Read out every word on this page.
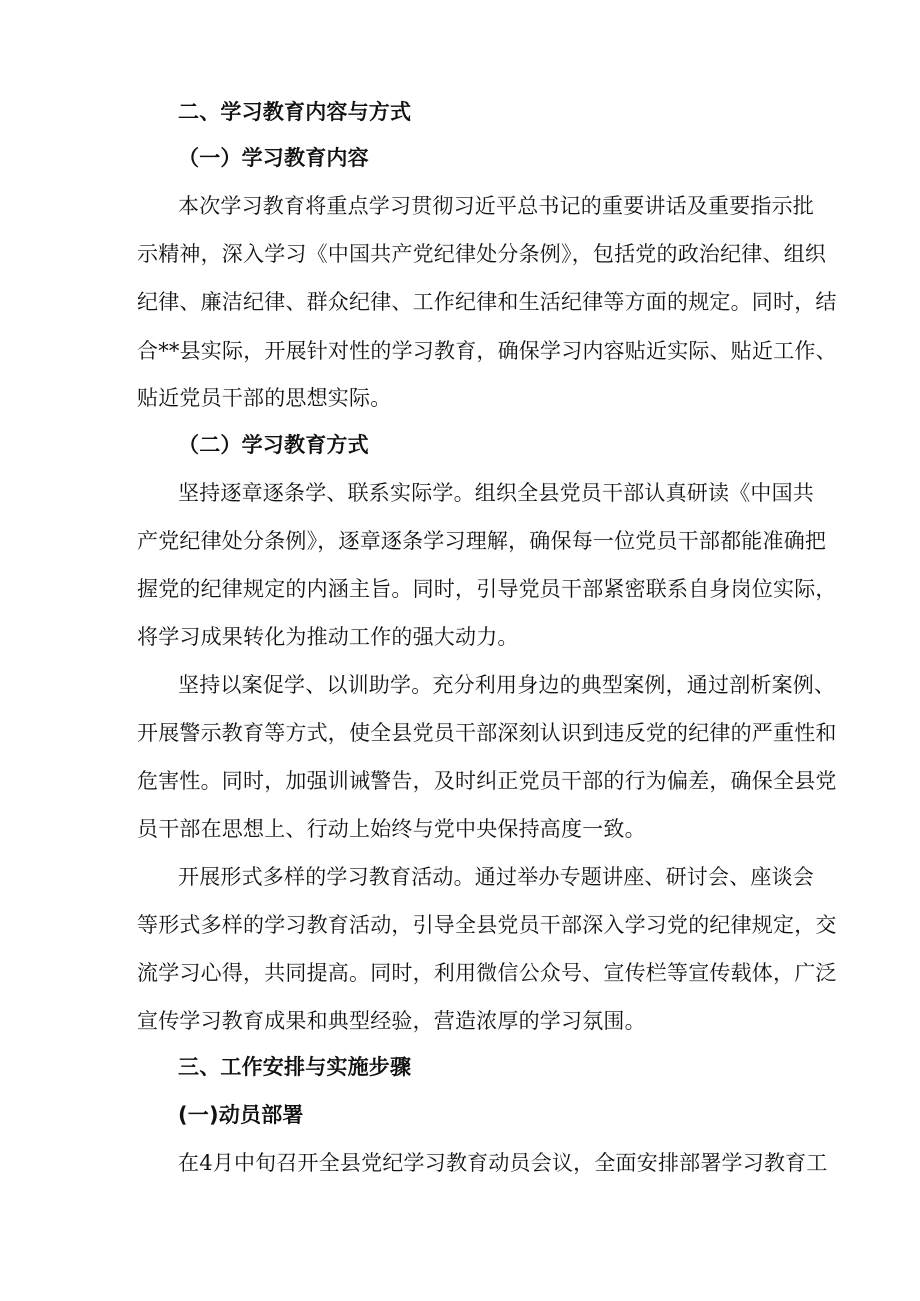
二、学习教育内容与方式
（一）学习教育内容
本次学习教育将重点学习贯彻习近平总书记的重要讲话及重要指示批
示精神，深入学习《中国共产党纪律处分条例》，包括党的政治纪律、组织
纪律、廉洁纪律、群众纪律、工作纪律和生活纪律等方面的规定。同时，结
合**县实际，开展针对性的学习教育，确保学习内容贴近实际、贴近工作、
贴近党员干部的思想实际。
（二）学习教育方式
坚持逐章逐条学、联系实际学。组织全县党员干部认真研读《中国共
产党纪律处分条例》，逐章逐条学习理解，确保每一位党员干部都能准确把
握党的纪律规定的内涵主旨。同时，引导党员干部紧密联系自身岗位实际，
将学习成果转化为推动工作的强大动力。
坚持以案促学、以训助学。充分利用身边的典型案例，通过剖析案例、
开展警示教育等方式，使全县党员干部深刻认识到违反党的纪律的严重性和
危害性。同时，加强训诫警告，及时纠正党员干部的行为偏差，确保全县党
员干部在思想上、行动上始终与党中央保持高度一致。
开展形式多样的学习教育活动。通过举办专题讲座、研讨会、座谈会
等形式多样的学习教育活动，引导全县党员干部深入学习党的纪律规定，交
流学习心得，共同提高。同时，利用微信公众号、宣传栏等宣传载体，广泛
宣传学习教育成果和典型经验，营造浓厚的学习氛围。
三、工作安排与实施步骤
(一)动员部署
在4月中旬召开全县党纪学习教育动员会议，全面安排部署学习教育工
